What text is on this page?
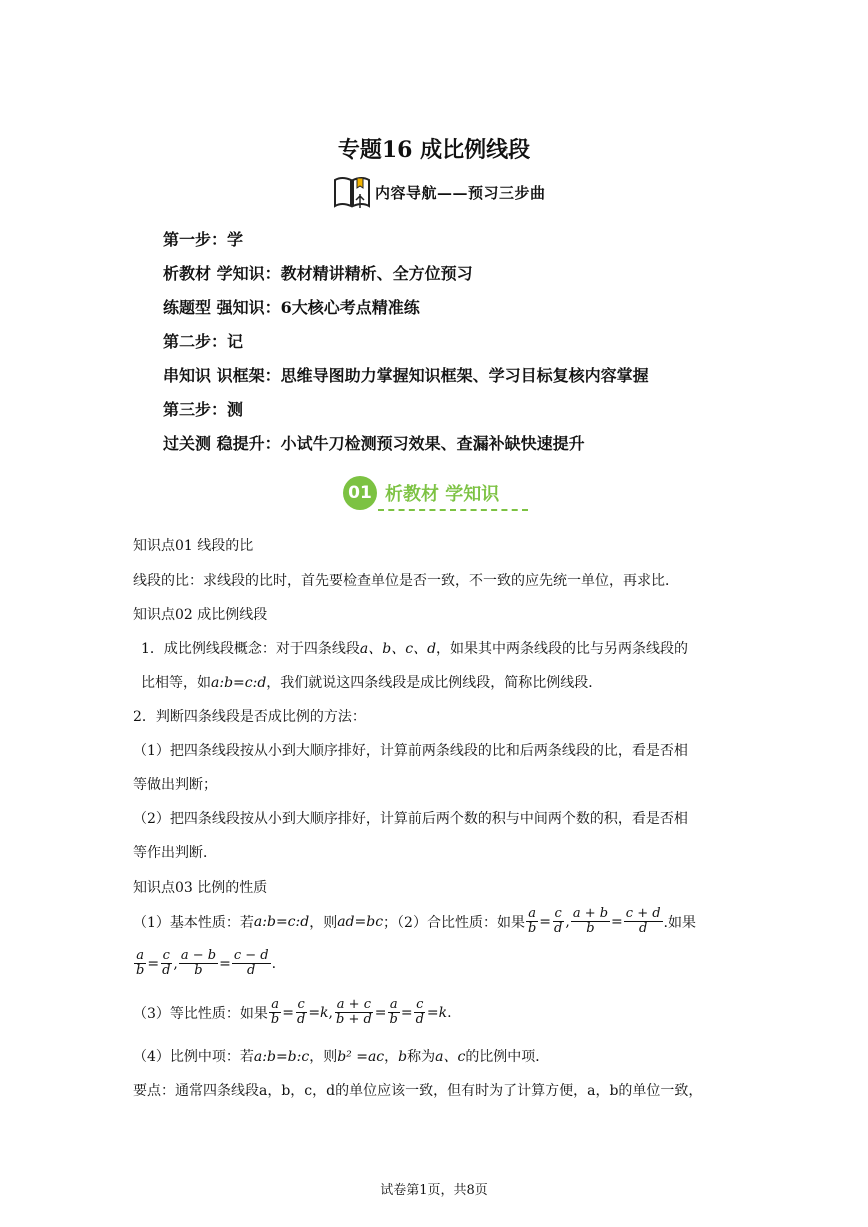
专题16 成比例线段
内容导航——预习三步曲
第一步：学
析教材 学知识：教材精讲精析、全方位预习
练题型 强知识：6大核心考点精准练
第二步：记
串知识 识框架：思维导图助力掌握知识框架、学习目标复核内容掌握
第三步：测
过关测 稳提升：小试牛刀检测预习效果、查漏补缺快速提升
01 析教材 学知识
知识点01 线段的比
线段的比：求线段的比时，首先要检查单位是否一致，不一致的应先统一单位，再求比．
知识点02 成比例线段
1．成比例线段概念：对于四条线段a、b、c、d，如果其中两条线段的比与另两条线段的
比相等，如a:b=c:d，我们就说这四条线段是成比例线段，简称比例线段．
2．判断四条线段是否成比例的方法：
（1）把四条线段按从小到大顺序排好，计算前两条线段的比和后两条线段的比，看是否相
等做出判断；
（2）把四条线段按从小到大顺序排好，计算前后两个数的积与中间两个数的积，看是否相
等作出判断．
知识点03 比例的性质
（1）基本性质：若 a:b=c:d ，则 ad=bc ；（2）合比性质：如果 $\frac{a}{b} = \frac{c}{d}$ , $\frac{a + b}{b} = \frac{c + d}{d}$ .如果
$\frac{a}{b} = \frac{c}{d}$ , $\frac{a - b}{b} = \frac{c - d}{d}$ .
（3）等比性质：如果 $\frac{a}{b} = \frac{c}{d} = k$ , $\frac{a + c}{b + d} = \frac{a}{b} = \frac{c}{d} = k$ .
（4）比例中项：若a:b=b:c，则b² =ac，b称为a、c的比例中项．
要点：通常四条线段a，b，c，d的单位应该一致，但有时为了计算方便，a，b的单位一致，
试卷第1页，共8页
